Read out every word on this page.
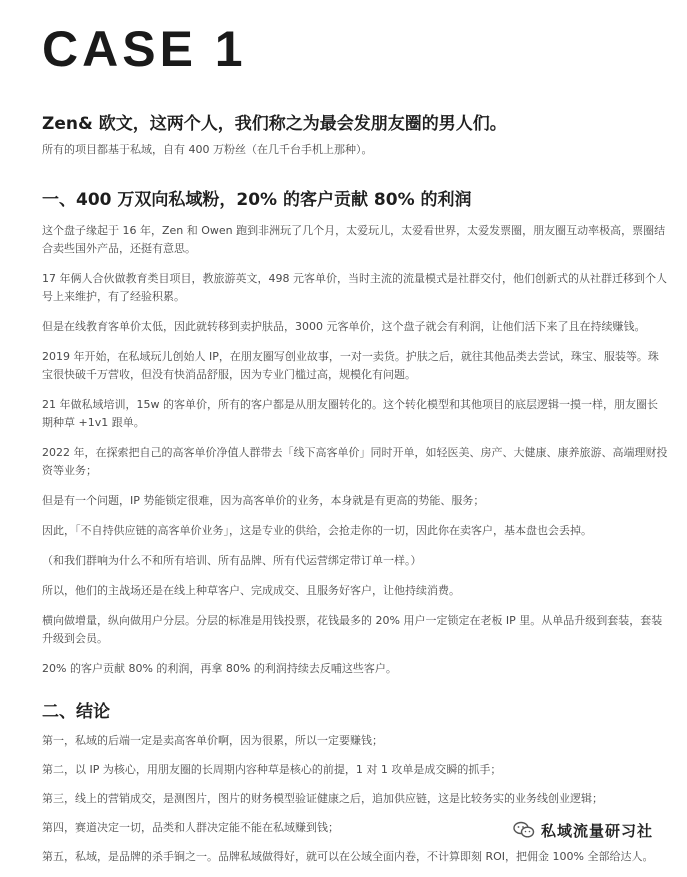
CASE 1
Zen& 欧文，这两个人，我们称之为最会发朋友圈的男人们。
所有的项目都基于私域，自有 400 万粉丝（在几千台手机上那种）。
一、400 万双向私域粉，20% 的客户贡献 80% 的利润

这个盘子缘起于 16 年，Zen 和 Owen 跑到非洲玩了几个月，太爱玩儿，太爱看世界，太爱发票圈，朋友圈互动率极高，票圈结合卖些国外产品，还挺有意思。

17 年俩人合伙做教育类目项目，教旅游英文，498 元客单价，当时主流的流量模式是社群交付，他们创新式的从社群迁移到个人号上来维护，有了经验积累。

但是在线教育客单价太低，因此就转移到卖护肤品，3000 元客单价，这个盘子就会有利润，让他们活下来了且在持续赚钱。

2019 年开始，在私域玩儿创始人 IP，在朋友圈写创业故事，一对一卖货。护肤之后，就往其他品类去尝试，珠宝、服装等。珠宝很快破千万营收，但没有快消品舒服，因为专业门槛过高，规模化有问题。

21 年做私域培训，15w 的客单价，所有的客户都是从朋友圈转化的。这个转化模型和其他项目的底层逻辑一摸一样，朋友圈长期种草 +1v1 跟单。

2022 年，在探索把自己的高客单价净值人群带去「线下高客单价」同时开单，如轻医美、房产、大健康、康养旅游、高端理财投资等业务；

但是有一个问题，IP 势能锁定很难，因为高客单价的业务，本身就是有更高的势能、服务；

因此，「不自持供应链的高客单价业务」，这是专业的供给，会抢走你的一切，因此你在卖客户，基本盘也会丢掉。

（和我们群响为什么不和所有培训、所有品牌、所有代运营绑定带订单一样。）

所以，他们的主战场还是在线上种草客户、完成成交、且服务好客户，让他持续消费。

横向做增量，纵向做用户分层。分层的标准是用钱投票，花钱最多的 20% 用户一定锁定在老板 IP 里。从单品升级到套装，套装升级到会员。

20% 的客户贡献 80% 的利润，再拿 80% 的利润持续去反哺这些客户。

二、结论

第一，私域的后端一定是卖高客单价啊，因为很累，所以一定要赚钱；

第二，以 IP 为核心，用朋友圈的长周期内容种草是核心的前提，1 对 1 攻单是成交瞬的抓手；

第三，线上的营销成交，是测图片，图片的财务模型验证健康之后，追加供应链，这是比较务实的业务线创业逻辑；

第四，赛道决定一切，品类和人群决定能不能在私域赚到钱；

第五，私域，是品牌的杀手锏之一。品牌私域做得好，就可以在公域全面内卷，不计算即刻 ROI，把佣金 100% 全部给达人。

私域流量研习社
